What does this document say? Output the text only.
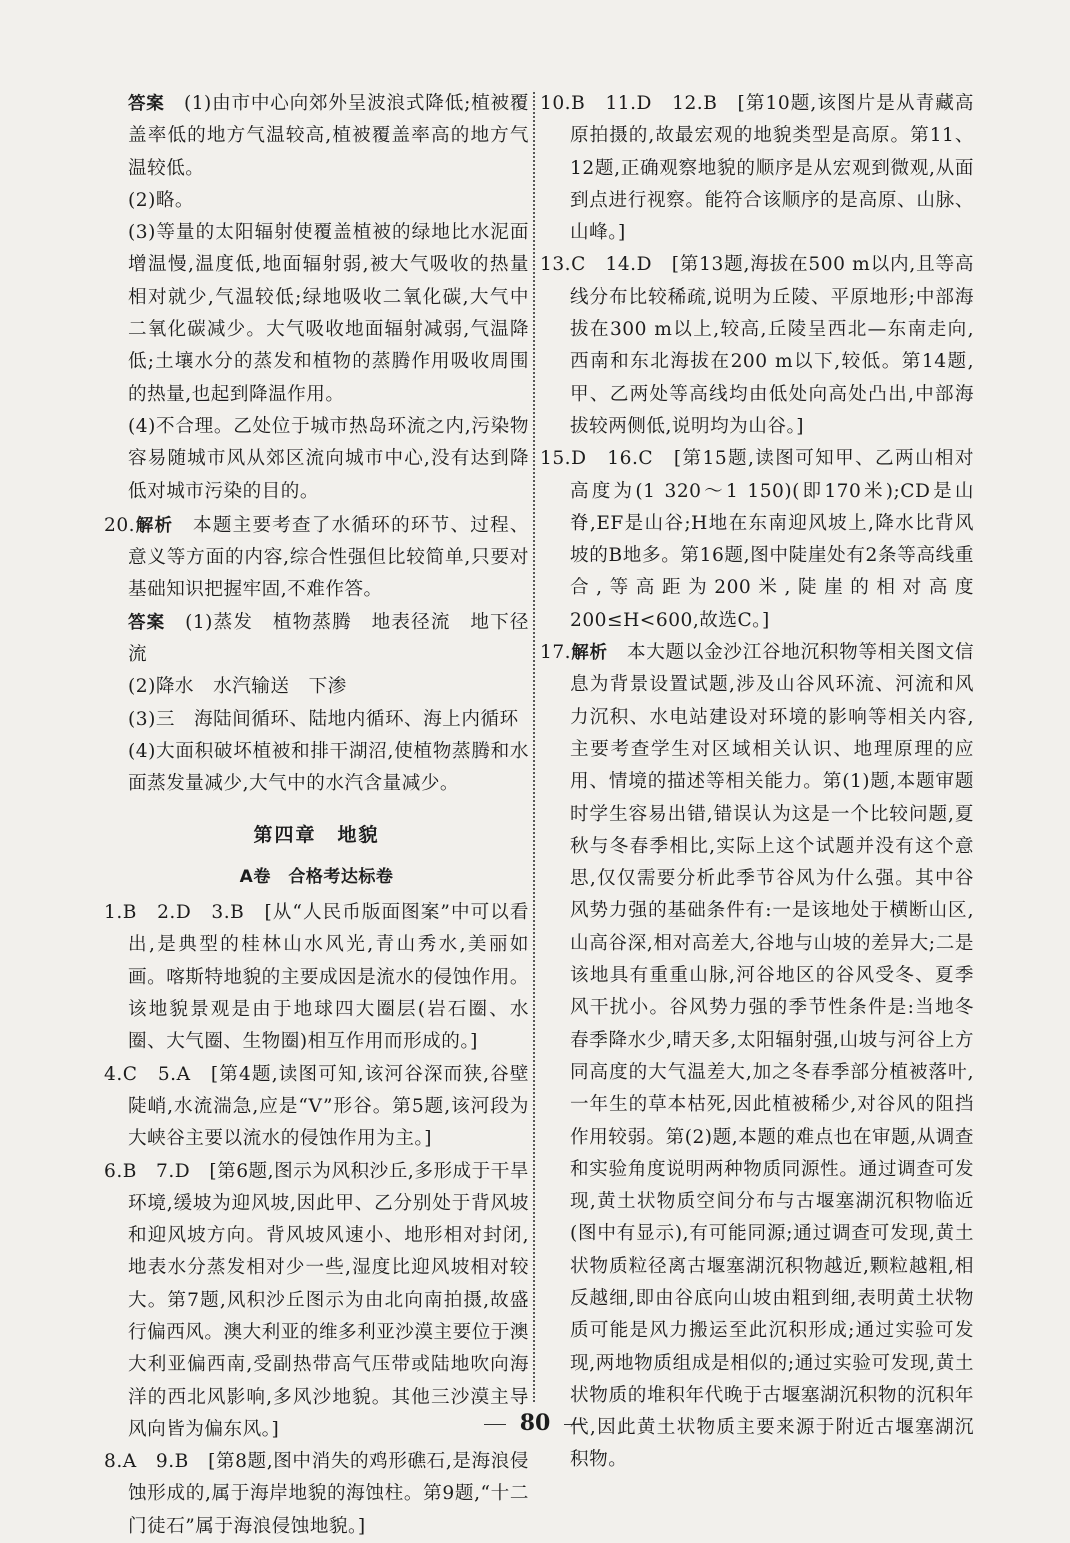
答案　 (1)由市中心向郊外呈波浪式降低;植被覆盖率低的地方气温较高,植被覆盖率高的地方气温较低。

(2)略。

(3)等量的太阳辐射使覆盖植被的绿地比水泥面增温慢,温度低,地面辐射弱,被大气吸收的热量相对就少,气温较低;绿地吸收二氧化碳,大气中二氧化碳减少。大气吸收地面辐射减弱,气温降低;土壤水分的蒸发和植物的蒸腾作用吸收周围的热量,也起到降温作用。

(4)不合理。乙处位于城市热岛环流之内,污染物容易随城市风从郊区流向城市中心,没有达到降低对城市污染的目的。

20.解析　 本题主要考查了水循环的环节、过程、意义等方面的内容,综合性强但比较简单,只要对基础知识把握牢固,不难作答。

答案　 (1)蒸发　植物蒸腾　地表径流　地下径流

(2)降水　水汽输送　下渗

(3)三　海陆间循环、陆地内循环、海上内循环

(4)大面积破坏植被和排干湖沼,使植物蒸腾和水面蒸发量减少,大气中的水汽含量减少。

第四章　地貌
A卷　合格考达标卷

1.B　2.D　3.B　[从“人民币版面图案”中可以看出,是典型的桂林山水风光,青山秀水,美丽如画。喀斯特地貌的主要成因是流水的侵蚀作用。该地貌景观是由于地球四大圈层(岩石圈、水圈、大气圈、生物圈)相互作用而形成的。]

4.C　5.A　[第4题,读图可知,该河谷深而狭,谷壁陡峭,水流湍急,应是“V”形谷。第5题,该河段为大峡谷主要以流水的侵蚀作用为主。]

6.B　7.D　[第6题,图示为风积沙丘,多形成于干旱环境,缓坡为迎风坡,因此甲、乙分别处于背风坡和迎风坡方向。背风坡风速小、地形相对封闭,地表水分蒸发相对少一些,湿度比迎风坡相对较大。第7题,风积沙丘图示为由北向南拍摄,故盛行偏西风。澳大利亚的维多利亚沙漠主要位于澳大利亚偏西南,受副热带高气压带或陆地吹向海洋的西北风影响,多风沙地貌。其他三沙漠主导风向皆为偏东风。]

8.A　9.B　[第8题,图中消失的鸡形礁石,是海浪侵蚀形成的,属于海岸地貌的海蚀柱。第9题,“十二门徒石”属于海浪侵蚀地貌。]

10.B　11.D　12.B　[第10题,该图片是从青藏高原拍摄的,故最宏观的地貌类型是高原。第11、12题,正确观察地貌的顺序是从宏观到微观,从面到点进行视察。能符合该顺序的是高原、山脉、山峰。]

13.C　14.D　[第13题,海拔在500 m以内,且等高线分布比较稀疏,说明为丘陵、平原地形;中部海拔在300 m以上,较高,丘陵呈西北—东南走向,西南和东北海拔在200 m以下,较低。第14题,甲、乙两处等高线均由低处向高处凸出,中部海拔较两侧低,说明均为山谷。]

15.D　16.C　[第15题,读图可知甲、乙两山相对高度为(1 320～1 150)(即170米);CD是山脊,EF是山谷;H地在东南迎风坡上,降水比背风坡的B地多。第16题,图中陡崖处有2条等高线重合,等高距为200米,陡崖的相对高度200≤H<600,故选C。]

17.解析　 本大题以金沙江谷地沉积物等相关图文信息为背景设置试题,涉及山谷风环流、河流和风力沉积、水电站建设对环境的影响等相关内容,主要考查学生对区域相关认识、地理原理的应用、情境的描述等相关能力。第(1)题,本题审题时学生容易出错,错误认为这是一个比较问题,夏秋与冬春季相比,实际上这个试题并没有这个意思,仅仅需要分析此季节谷风为什么强。其中谷风势力强的基础条件有:一是该地处于横断山区,山高谷深,相对高差大,谷地与山坡的差异大;二是该地具有重重山脉,河谷地区的谷风受冬、夏季风干扰小。谷风势力强的季节性条件是:当地冬春季降水少,晴天多,太阳辐射强,山坡与河谷上方同高度的大气温差大,加之冬春季部分植被落叶,一年生的草本枯死,因此植被稀少,对谷风的阻挡作用较弱。第(2)题,本题的难点也在审题,从调查和实验角度说明两种物质同源性。通过调查可发现,黄土状物质空间分布与古堰塞湖沉积物临近(图中有显示),有可能同源;通过调查可发现,黄土状物质粒径离古堰塞湖沉积物越近,颗粒越粗,相反越细,即由谷底向山坡由粗到细,表明黄土状物质可能是风力搬运至此沉积形成;通过实验可发现,两地物质组成是相似的;通过实验可发现,黄土状物质的堆积年代晚于古堰塞湖沉积物的沉积年代,因此黄土状物质主要来源于附近古堰塞湖沉积物。

80
